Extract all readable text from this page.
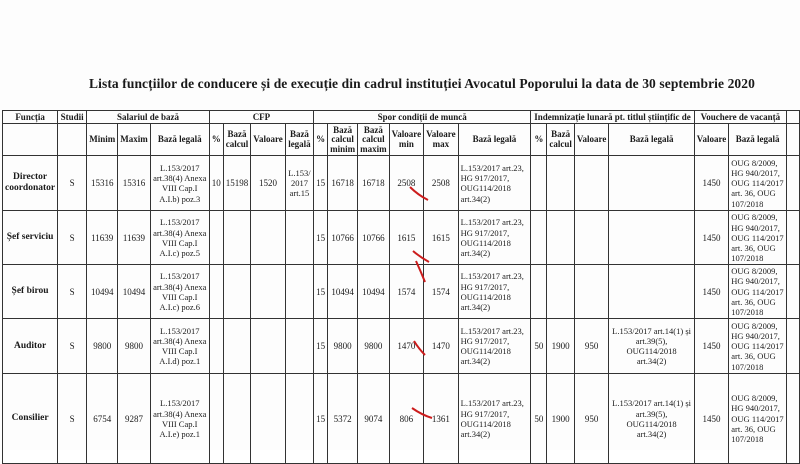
Lista funcțiilor de conducere și de execuție din cadrul instituției Avocatul Poporului la data de 30 septembrie 2020
Funcția	Studii	Salariul de bază			CFP				Spor condiții de muncă						Indemnizație lunară pt. titlul științific de				Vouchere de vacanță		
		Minim	Maxim	Bază legală	%	Bază calcul	Valoare	Bază legală	%	Bază calcul minim	Bază calcul maxim	Valoare min	Valoare max	Bază legală	%	Bază calcul	Valoare	Bază legală	Valoare	Bază legală	
Director coordonator	S	15316	15316	L.153/2017 art.38(4) Anexa VIII Cap.I A.I.b) poz.3	10	15198	1520	L.153/ 2017 art.15	15	16718	16718	2508	2508	L.153/2017 art.23, HG 917/2017, OUG114/2018 art.34(2)					1450	OUG 8/2009, HG 940/2017, OUG 114/2017 art. 36, OUG 107/2018	
Șef serviciu	S	11639	11639	L.153/2017 art.38(4) Anexa VIII Cap.I A.I.c) poz.5					15	10766	10766	1615	1615	L.153/2017 art.23, HG 917/2017, OUG114/2018 art.34(2)					1450	OUG 8/2009, HG 940/2017, OUG 114/2017 art. 36, OUG 107/2018	
Șef birou	S	10494	10494	L.153/2017 art.38(4) Anexa VIII Cap.I A.I.c) poz.6					15	10494	10494	1574	1574	L.153/2017 art.23, HG 917/2017, OUG114/2018 art.34(2)					1450	OUG 8/2009, HG 940/2017, OUG 114/2017 art. 36, OUG 107/2018	
Auditor	S	9800	9800	L.153/2017 art.38(4) Anexa VIII Cap.I A.I.d) poz.1					15	9800	9800	1470	1470	L.153/2017 art.23, HG 917/2017, OUG114/2018 art.34(2)	50	1900	950	L.153/2017 art.14(1) și art.39(5), OUG114/2018 art.34(2)	1450	OUG 8/2009, HG 940/2017, OUG 114/2017 art. 36, OUG 107/2018	
Consilier	S	6754	9287	L.153/2017 art.38(4) Anexa VIII Cap.I A.I.e) poz.1					15	5372	9074	806	1361	L.153/2017 art.23, HG 917/2017, OUG114/2018 art.34(2)	50	1900	950	L.153/2017 art.14(1) și art.39(5), OUG114/2018 art.34(2)	1450	OUG 8/2009, HG 940/2017, OUG 114/2017 art. 36, OUG 107/2018	
